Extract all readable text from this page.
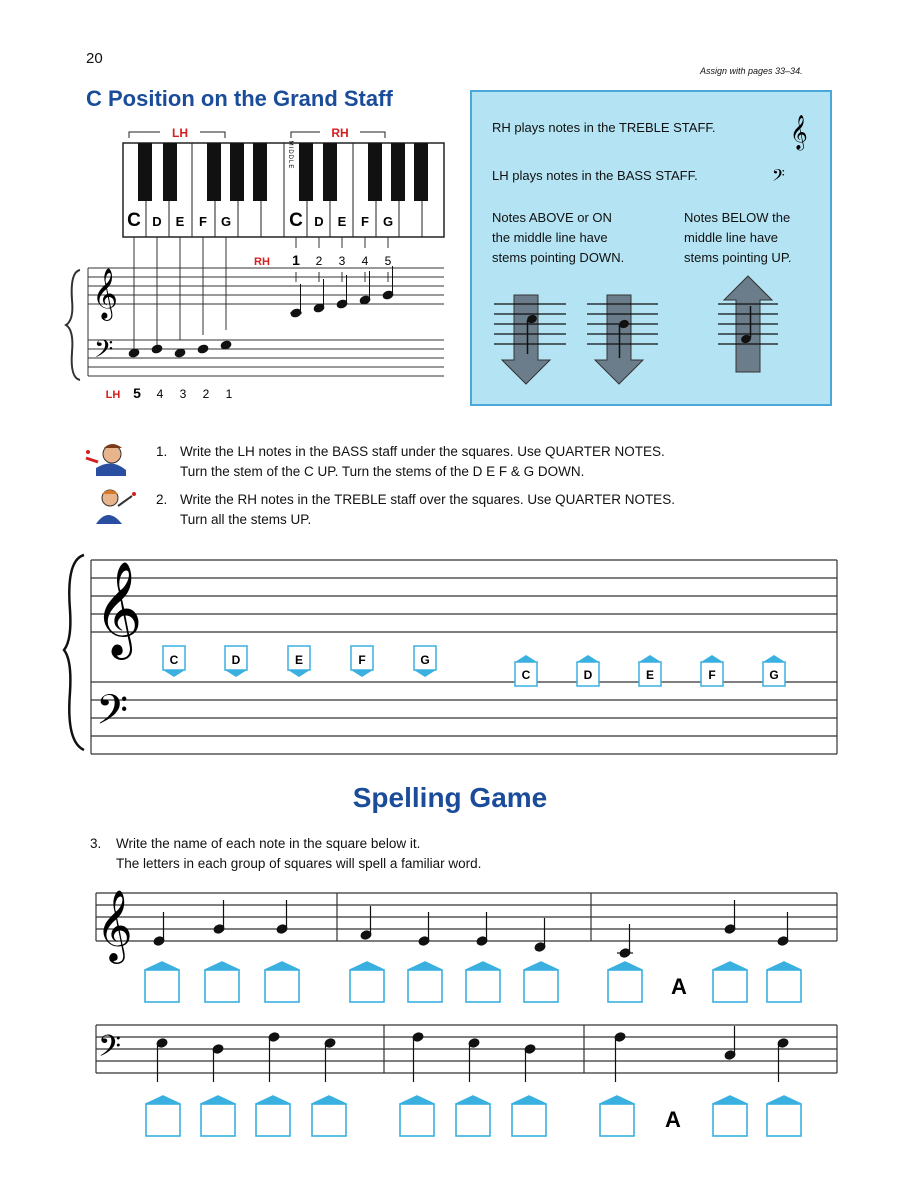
20
Assign with pages 33–34.
C Position on the Grand Staff
LH	RH
MIDDLE
C D E F G	C D E F G
RH 1 2 3 4 5
𝄞
𝄢
LH 5 4 3 2 1
RH plays notes in the TREBLE STAFF.
LH plays notes in the BASS STAFF.
Notes ABOVE or ON
the middle line have
stems pointing DOWN.
Notes BELOW the
middle line have
stems pointing UP.
𝄞
𝄢
1. Write the LH notes in the BASS staff under the squares. Use QUARTER NOTES.
Turn the stem of the C UP. Turn the stems of the D E F & G DOWN.
2. Write the RH notes in the TREBLE staff over the squares. Use QUARTER NOTES.
Turn all the stems UP.
𝄞
𝄢
C	D	E	F	G
C	D	E	F	G
Spelling Game
3. Write the name of each note in the square below it.
The letters in each group of squares will spell a familiar word.
𝄞
A
𝄢
A
